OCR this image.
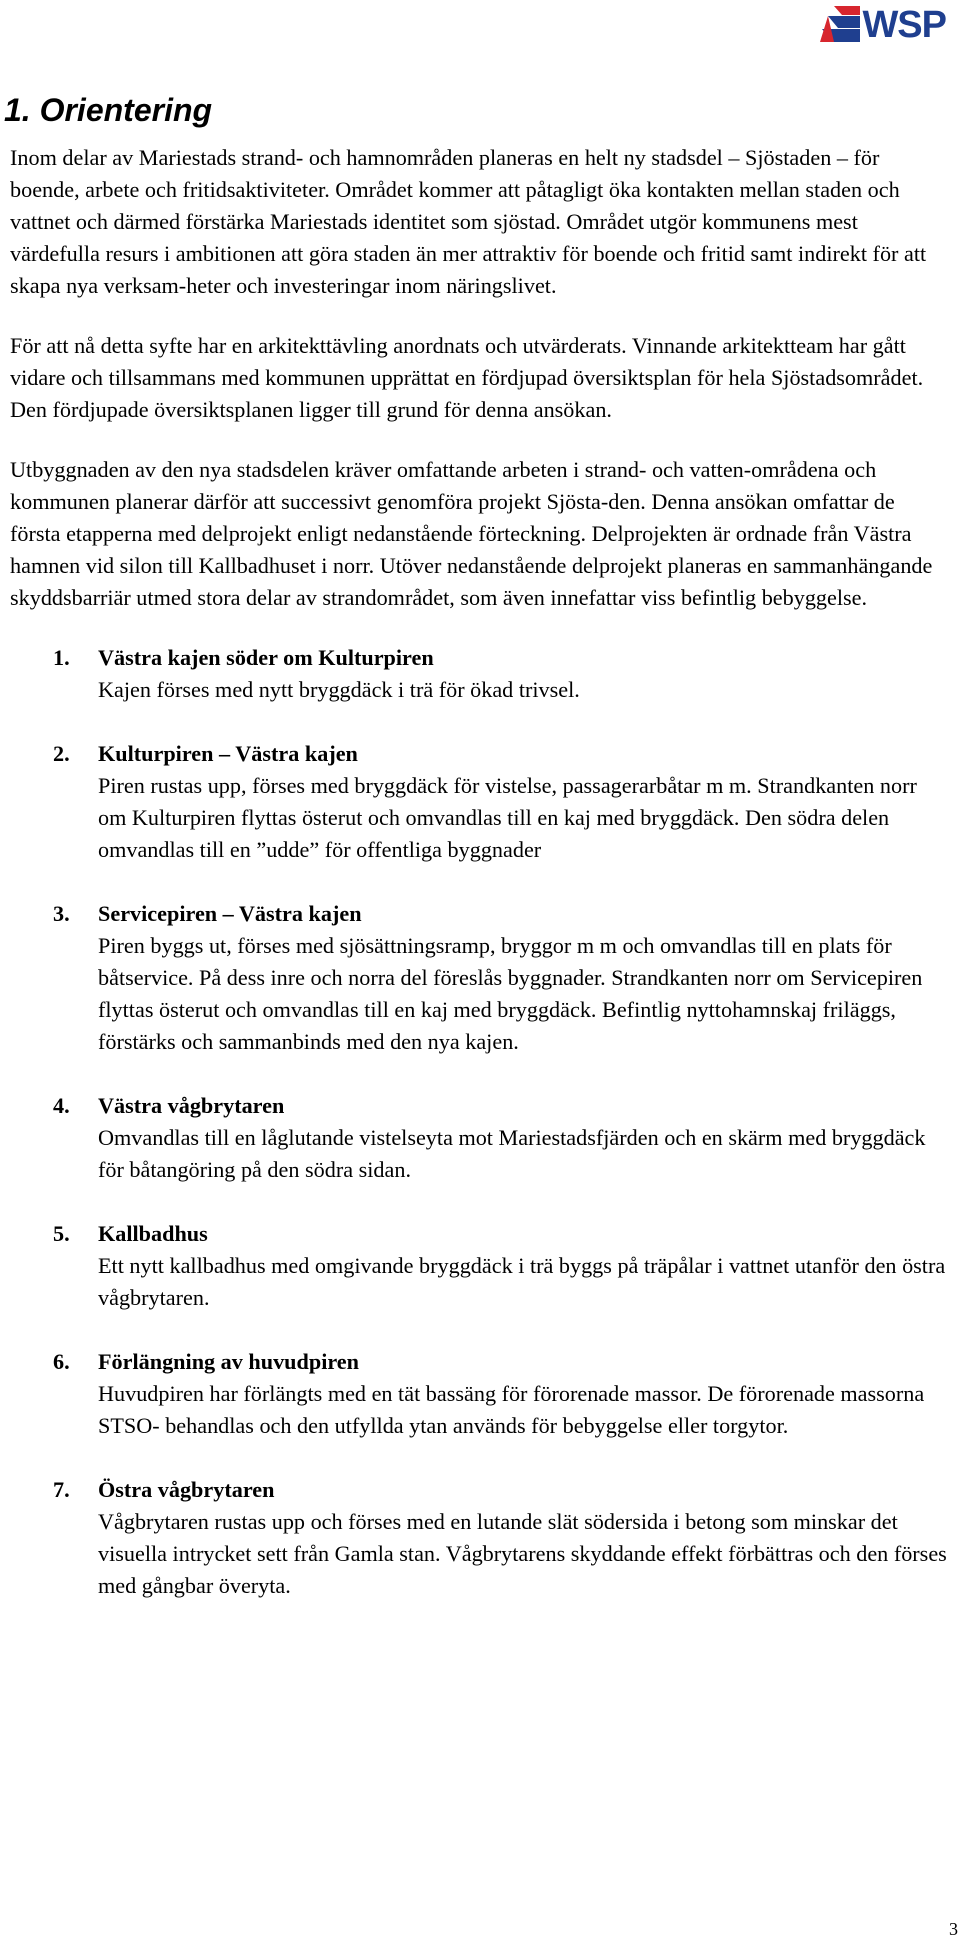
WSP
1. Orientering

Inom delar av Mariestads strand- och hamnområden planeras en helt ny stadsdel – Sjöstaden – för boende, arbete och fritidsaktiviteter. Området kommer att påtagligt öka kontakten mellan staden och vattnet och därmed förstärka Mariestads identitet som sjöstad. Området utgör kommunens mest värdefulla resurs i ambitionen att göra staden än mer attraktiv för boende och fritid samt indirekt för att skapa nya verksam-heter och investeringar inom näringslivet.

För att nå detta syfte har en arkitekttävling anordnats och utvärderats. Vinnande arkitektteam har gått vidare och tillsammans med kommunen upprättat en fördjupad översiktsplan för hela Sjöstadsområdet. Den fördjupade översiktsplanen ligger till grund för denna ansökan.

Utbyggnaden av den nya stadsdelen kräver omfattande arbeten i strand- och vatten-områdena och kommunen planerar därför att successivt genomföra projekt Sjösta-den. Denna ansökan omfattar de första etapperna med delprojekt enligt nedanstående förteckning. Delprojekten är ordnade från Västra hamnen vid silon till Kallbadhuset i norr. Utöver nedanstående delprojekt planeras en sammanhängande skyddsbarriär utmed stora delar av strandområdet, som även innefattar viss befintlig bebyggelse.

1.	Västra kajen söder om Kulturpiren
Kajen förses med nytt bryggdäck i trä för ökad trivsel.
2.	Kulturpiren – Västra kajen
Piren rustas upp, förses med bryggdäck för vistelse, passagerarbåtar m m. Strandkanten norr om Kulturpiren flyttas österut och omvandlas till en kaj med bryggdäck. Den södra delen omvandlas till en ”udde” för offentliga byggnader
3.	Servicepiren – Västra kajen
Piren byggs ut, förses med sjösättningsramp, bryggor m m och omvandlas till en plats för båtservice. På dess inre och norra del föreslås byggnader. Strandkanten norr om Servicepiren flyttas österut och omvandlas till en kaj med bryggdäck. Befintlig nyttohamnskaj friläggs, förstärks och sammanbinds med den nya kajen.
4.	Västra vågbrytaren
Omvandlas till en låglutande vistelseyta mot Mariestadsfjärden och en skärm med bryggdäck för båtangöring på den södra sidan.
5.	Kallbadhus
Ett nytt kallbadhus med omgivande bryggdäck i trä byggs på träpålar i vattnet utanför den östra vågbrytaren.
6.	Förlängning av huvudpiren
Huvudpiren har förlängts med en tät bassäng för förorenade massor. De förorenade massorna STSO- behandlas och den utfyllda ytan används för bebyggelse eller torgytor.
7.	Östra vågbrytaren
Vågbrytaren rustas upp och förses med en lutande slät södersida i betong som minskar det visuella intrycket sett från Gamla stan. Vågbrytarens skyddande effekt förbättras och den förses med gångbar överyta.
3
